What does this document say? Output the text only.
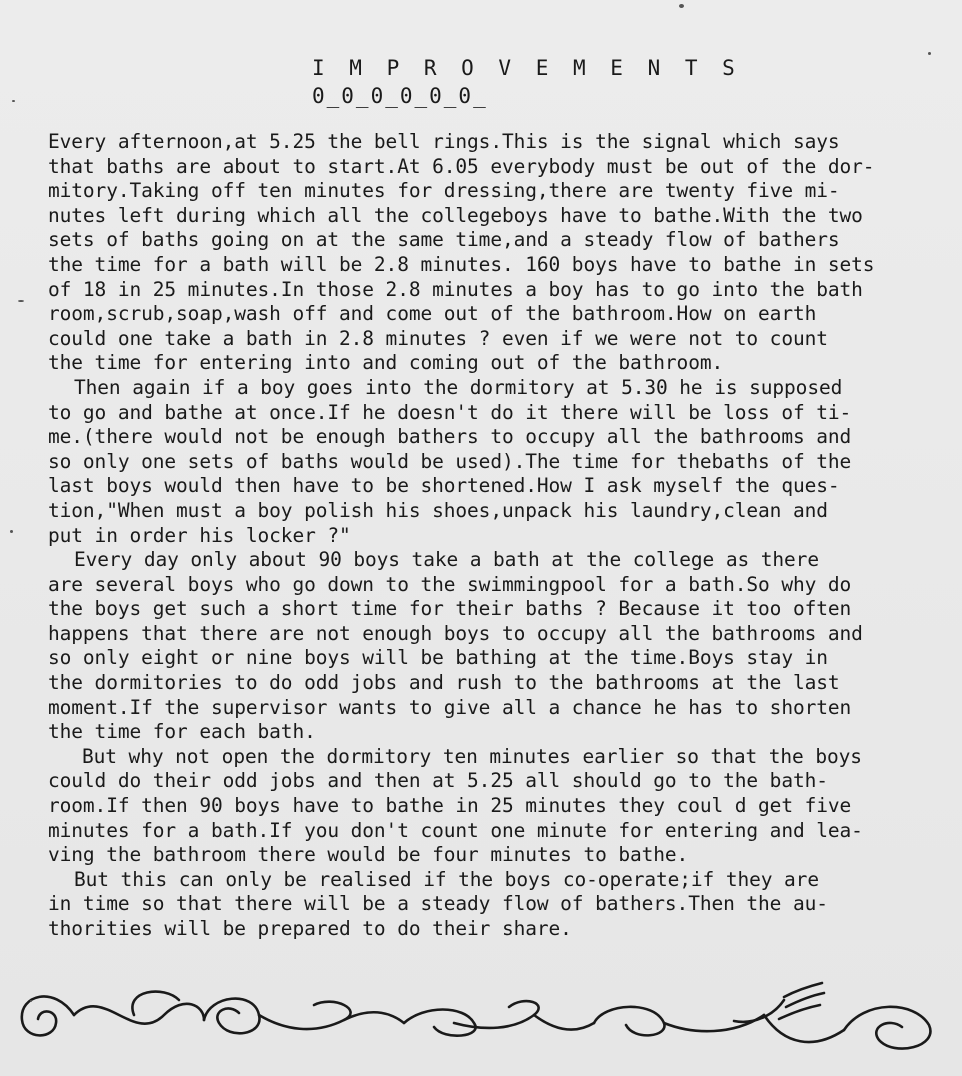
I M P R O V E M E N T S
0_0_0_0_0_0_
Every afternoon,at 5.25 the bell rings.This is the signal which says
that baths are about to start.At 6.05 everybody must be out of the dor-
mitory.Taking off ten minutes for dressing,there are twenty five mi-
nutes left during which all the collegeboys have to bathe.With the two
sets of baths going on at the same time,and a steady flow of bathers
the time for a bath will be 2.8 minutes. 160 boys have to bathe in sets
of 18 in 25 minutes.In those 2.8 minutes a boy has to go into the bath
room,scrub,soap,wash off and come out of the bathroom.How on earth
could one take a bath in 2.8 minutes ? even if we were not to count
the time for entering into and coming out of the bathroom.
Then again if a boy goes into the dormitory at 5.30 he is supposed
to go and bathe at once.If he doesn't do it there will be loss of ti-
me.(there would not be enough bathers to occupy all the bathrooms and
so only one sets of baths would be used).The time for thebaths of the
last boys would then have to be shortened.How I ask myself the ques-
tion,"When must a boy polish his shoes,unpack his laundry,clean and
put in order his locker ?"
Every day only about 90 boys take a bath at the college as there
are several boys who go down to the swimmingpool for a bath.So why do
the boys get such a short time for their baths ? Because it too often
happens that there are not enough boys to occupy all the bathrooms and
so only eight or nine boys will be bathing at the time.Boys stay in
the dormitories to do odd jobs and rush to the bathrooms at the last
moment.If the supervisor wants to give all a chance he has to shorten
the time for each bath.
But why not open the dormitory ten minutes earlier so that the boys
could do their odd jobs and then at 5.25 all should go to the bath-
room.If then 90 boys have to bathe in 25 minutes they coul d get five
minutes for a bath.If you don't count one minute for entering and lea-
ving the bathroom there would be four minutes to bathe.
But this can only be realised if the boys co-operate;if they are
in time so that there will be a steady flow of bathers.Then the au-
thorities will be prepared to do their share.
